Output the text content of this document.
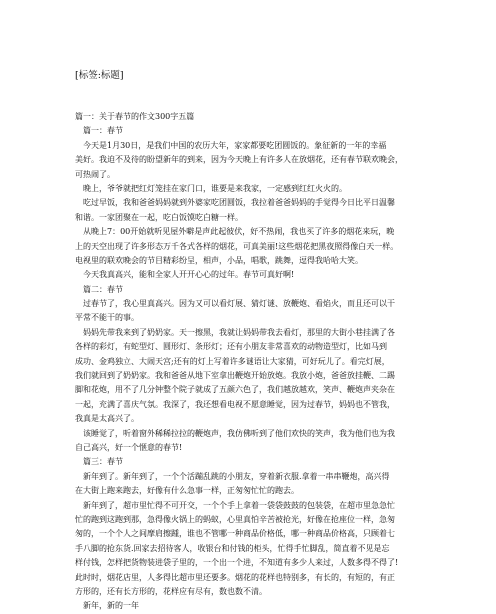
[标签:标题]
篇一：关于春节的作文300字五篇
　篇一：春节
　今天是1月30日，是我们中国的农历大年，家家都要吃团圆饭的。象征新的一年的幸福
美好。我迫不及待的盼望新年的到来，因为今天晚上有许多人在放烟花，还有春节联欢晚会，
可热闹了。
　晚上，爷爷就把红灯笼挂在家门口，谁要是来我家，一定感到红红火火的。
　吃过早饭，我和爸爸妈妈就到外婆家吃团圆饭，我拉着爸爸妈妈的手觉得今日比平日温馨
和谐。一家团聚在一起，吃白饭馍吃白糖一样。
　从晚上7：00开始就听见屋外噼是声此起彼伏，好不热闹，我也买了许多的烟花来玩，晚
上的天空出现了许多形态万千各式各样的烟花，可真美丽!这些烟花把黑夜照得像白天一样。
电视里的联欢晚会的节目精彩纷呈，相声，小品，唱歌，跳舞，逗得我哈哈大笑。
　今天我真高兴，能和全家人开开心心的过年。春节可真好啊!
　篇二：春节
　过春节了，我心里真高兴。因为又可以看灯展、猜灯谜、放鞭炮、看焰火，而且还可以干
平常不能干的事。
　妈妈先带我来到了奶奶家。天一擦黑，我就让妈妈带我去看灯，那里的大街小巷挂满了各
各样的彩灯，有蛇型灯、圆形灯、条形灯；还有小朋友非常喜欢的动物造型灯，比如马到
成功、金鸡独立、大闹天宫;还有的灯上写着许多谜语让大家猜，可好玩儿了。看完灯展，
我们就回到了奶奶家。我和爸爸从地下室拿出鞭炮开始放炮。我放小炮，爸爸放挂鞭、二踢
脚和花炮，用不了几分钟整个院子就成了五颜六色了，我们越放越欢，笑声、鞭炮声夹杂在
一起，充满了喜庆气氛。我深了，我还想看电视不愿意睡觉，因为过春节，妈妈也不管我，
我真是太高兴了。
　该睡觉了，听着窗外稀稀拉拉的鞭炮声，我仿佛听到了他们欢快的笑声，我为他们也为我
自己高兴，好一个惬意的春节!
　篇三：春节
　新年到了。新年到了，一个个活蹦乱跳的小朋友，穿着新衣服.拿着一串串鞭炮，高兴得
在大街上跑来跑去，好像有什么急事一样，正匆匆忙忙的跑去。
　新年到了，超市里忙得不可开交，一个个手上拿着一袋袋鼓鼓的包装袋，在超市里急急忙
忙的跑到这跑到那，急得像火锅上的蚂蚁，心里真怕辛苦被抢光，好像在抢座位一样，急匆
匆的，一个个人之间摩肩擦踵，谁也不管哪一种商品价格低，哪一种商品价格高，只顾着七
手八脚的抢东货.回家去招待客人，收银台和付钱的柜头，忙得手忙脚乱，简直着不见是忘
样付钱，怎样把货物装进袋子里的，一个出一个进，不知道有多少人来过，人数多得不得了!
此时时，烟花店里，人多得比超市里还要多。烟花的花样也特别多，有长的，有短的，有正
方形的，还有长方形的，花样应有尽有，数也数不清。
　新年，新的一年
